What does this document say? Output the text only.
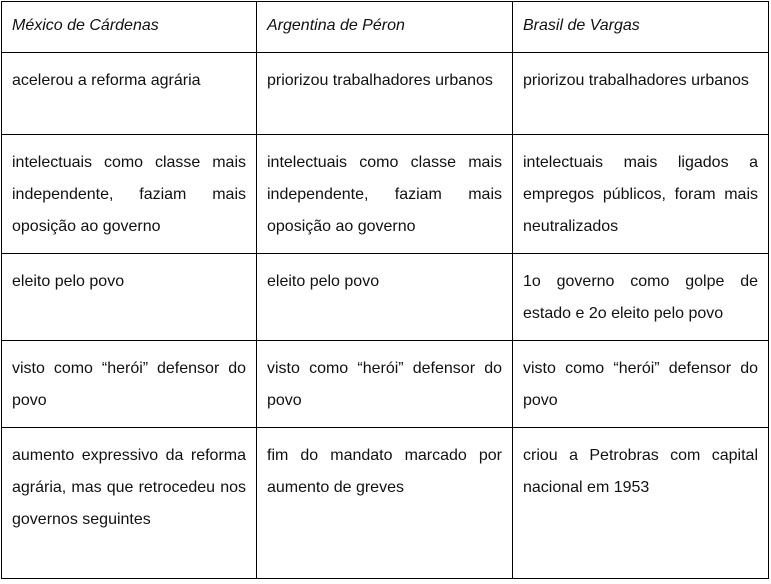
México de Cárdenas	Argentina de Péron	Brasil de Vargas
acelerou a reforma agrária	priorizou trabalhadores urbanos	priorizou trabalhadores urbanos
intelectuais como classe mais independente, faziam mais oposição ao governo	intelectuais como classe mais independente, faziam mais oposição ao governo	intelectuais mais ligados a empregos públicos, foram mais neutralizados
eleito pelo povo	eleito pelo povo	1o governo como golpe de estado e 2o eleito pelo povo
visto como “herói” defensor do povo	visto como “herói” defensor do povo	visto como “herói” defensor do povo
aumento expressivo da reforma agrária, mas que retrocedeu nos governos seguintes	fim do mandato marcado por aumento de greves	criou a Petrobras com capital nacional em 1953
